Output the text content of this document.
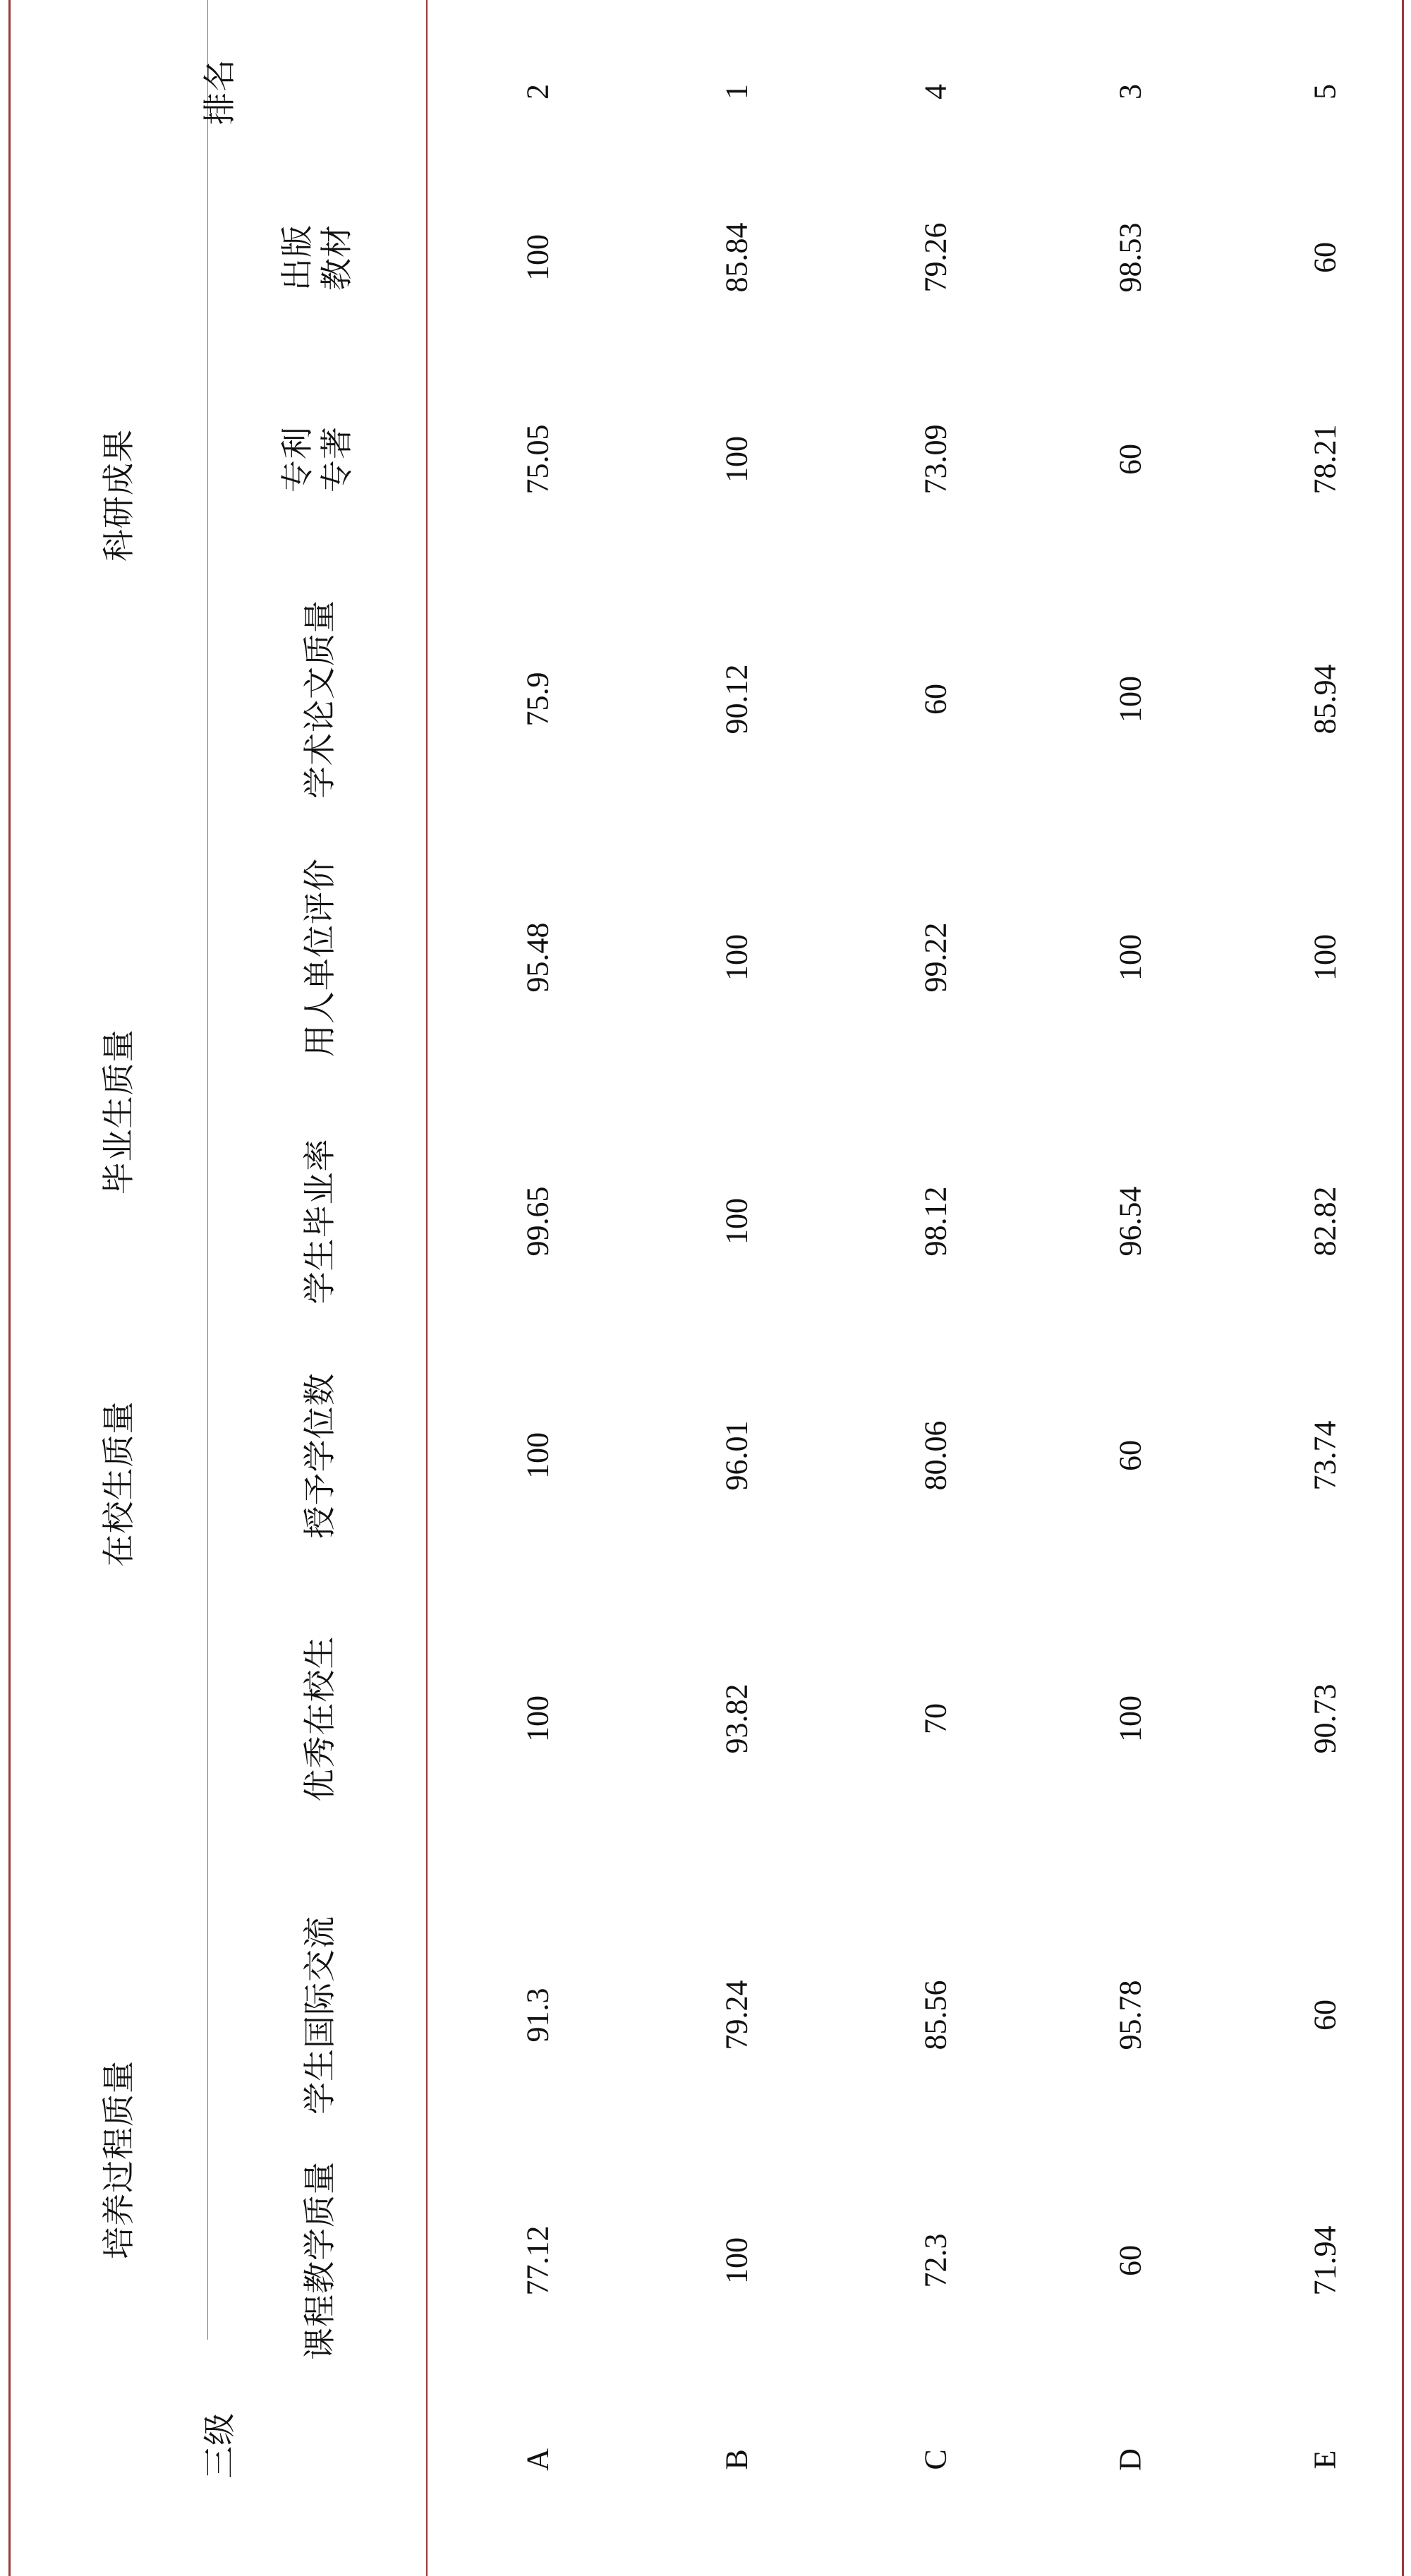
三级
排名
培养过程质量
在校生质量
毕业生质量
科研成果
课程教学质量
学生国际交流
优秀在校生
授予学位数
学生毕业率
用人单位评价
学术论文质量
专利
专著
出版
教材
A
77.12
91.3
100
100
99.65
95.48
75.9
75.05
100
2
B
100
79.24
93.82
96.01
100
100
90.12
100
85.84
1
C
72.3
85.56
70
80.06
98.12
99.22
60
73.09
79.26
4
D
60
95.78
100
60
96.54
100
100
60
98.53
3
E
71.94
60
90.73
73.74
82.82
100
85.94
78.21
60
5
